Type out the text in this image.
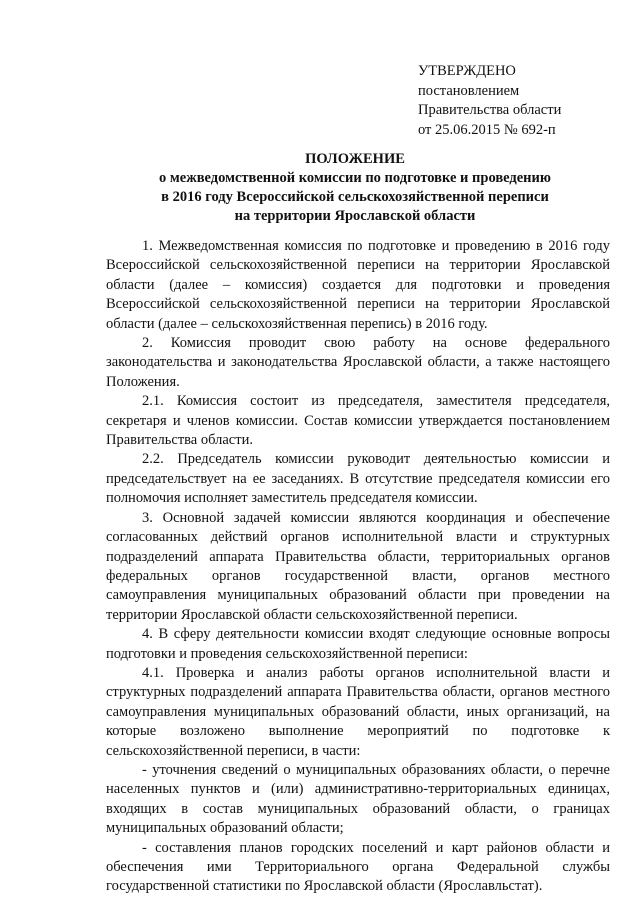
УТВЕРЖДЕНО
постановлением
Правительства области
от 25.06.2015 № 692-п
ПОЛОЖЕНИЕ
о межведомственной комиссии по подготовке и проведению
в 2016 году Всероссийской сельскохозяйственной переписи
на территории Ярославской области

1. Межведомственная комиссия по подготовке и проведению в 2016 году Всероссийской сельскохозяйственной переписи на территории Ярославской области (далее – комиссия) создается для подготовки и проведения Всероссийской сельскохозяйственной переписи на территории Ярославской области (далее – сельскохозяйственная перепись) в 2016 году.

2. Комиссия проводит свою работу на основе федерального законодательства и законодательства Ярославской области, а также настоящего Положения.

2.1. Комиссия состоит из председателя, заместителя председателя, секретаря и членов комиссии. Состав комиссии утверждается постановлением Правительства области.

2.2. Председатель комиссии руководит деятельностью комиссии и председательствует на ее заседаниях. В отсутствие председателя комиссии его полномочия исполняет заместитель председателя комиссии.

3. Основной задачей комиссии являются координация и обеспечение согласованных действий органов исполнительной власти и структурных подразделений аппарата Правительства области, территориальных органов федеральных органов государственной власти, органов местного самоуправления муниципальных образований области при проведении на территории Ярославской области сельскохозяйственной переписи.

4. В сферу деятельности комиссии входят следующие основные вопросы подготовки и проведения сельскохозяйственной переписи:

4.1. Проверка и анализ работы органов исполнительной власти и структурных подразделений аппарата Правительства области, органов местного самоуправления муниципальных образований области, иных организаций, на которые возложено выполнение мероприятий по подготовке к сельскохозяйственной переписи, в части:

- уточнения сведений о муниципальных образованиях области, о перечне населенных пунктов и (или) административно-территориальных единицах, входящих в состав муниципальных образований области, о границах муниципальных образований области;

- составления планов городских поселений и карт районов области и обеспечения ими Территориального органа Федеральной службы государственной статистики по Ярославской области (Ярославльстат).
